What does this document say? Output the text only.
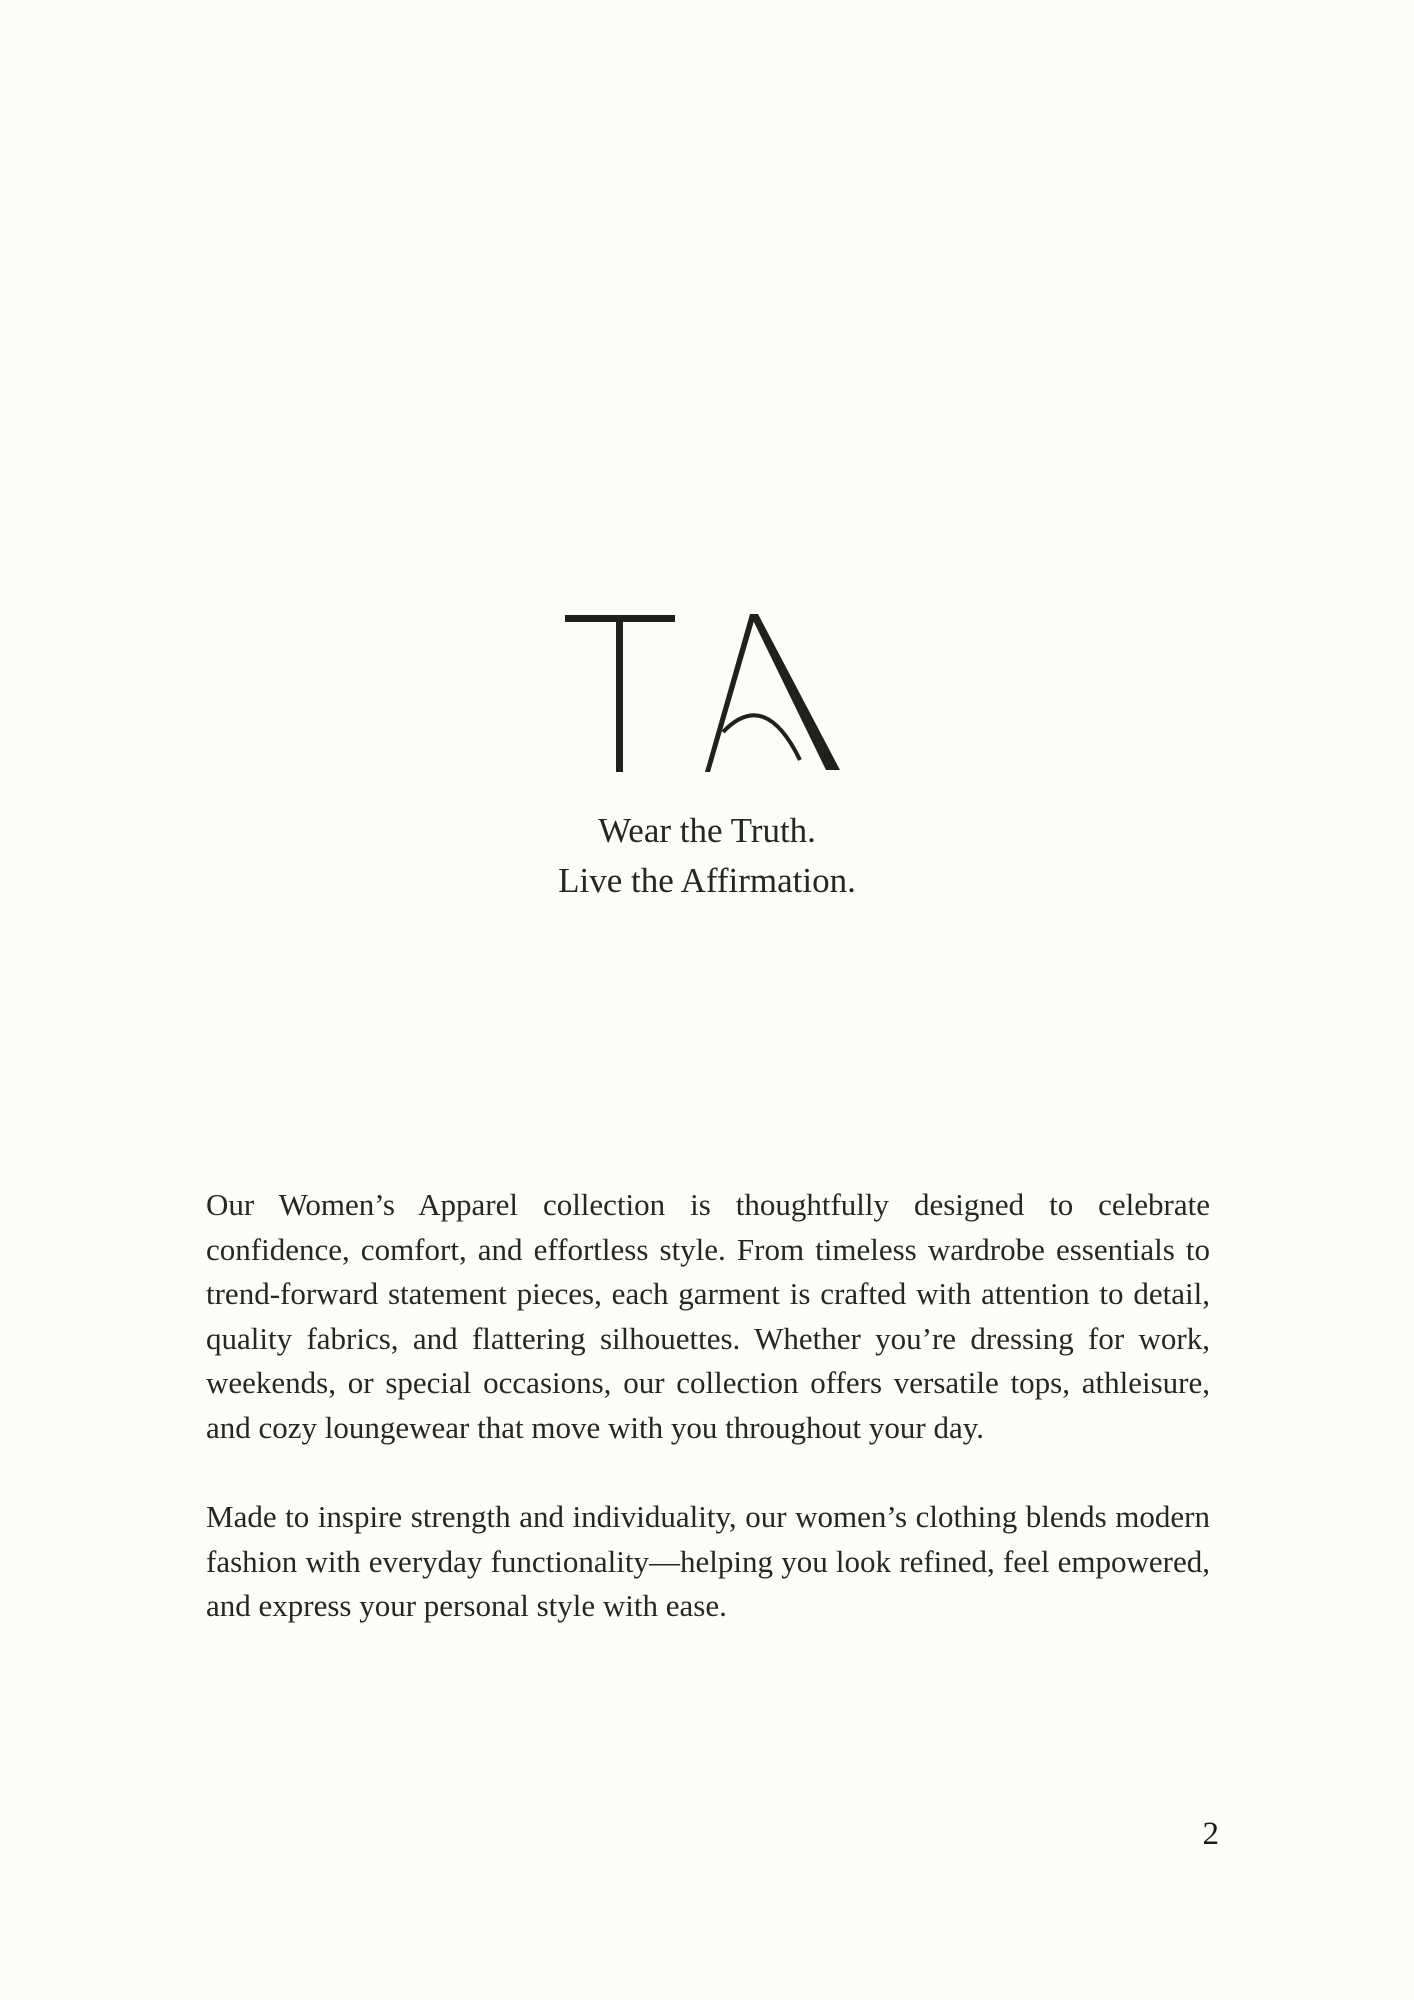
Wear the Truth.
Live the Affirmation.

Our Women’s Apparel collection is thoughtfully designed to celebrate confidence, comfort, and effortless style. From timeless wardrobe essentials to trend-forward statement pieces, each garment is crafted with attention to detail, quality fabrics, and flattering silhouettes. Whether you’re dressing for work, weekends, or special occasions, our collection offers versatile tops, athleisure, and cozy loungewear that move with you throughout your day.

Made to inspire strength and individuality, our women’s clothing blends modern fashion with everyday functionality—helping you look refined, feel empowered, and express your personal style with ease.

2
